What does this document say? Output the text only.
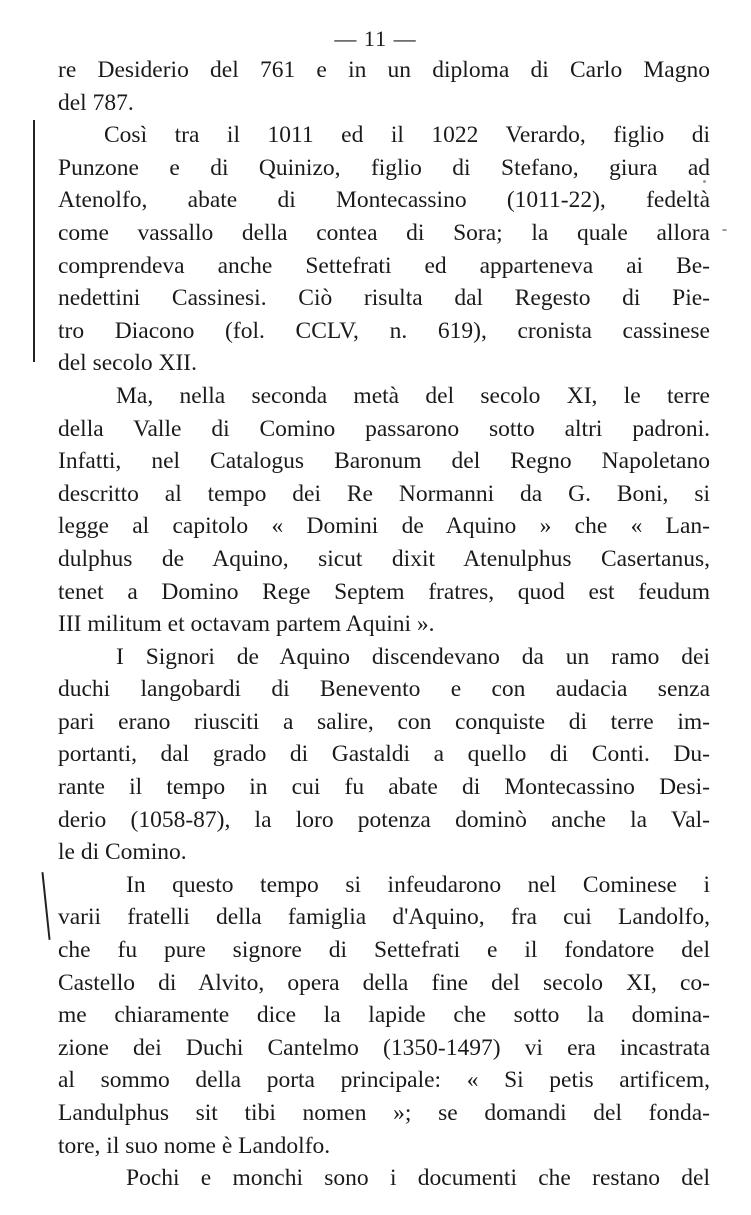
— 11 —
re Desiderio del 761 e in un diploma di Carlo Magno
del 787.
Così tra il 1011 ed il 1022 Verardo, figlio di
Punzone e di Quinizo, figlio di Stefano, giura ad
Atenolfo, abate di Montecassino (1011-22), fedeltà
come vassallo della contea di Sora; la quale allora
comprendeva anche Settefrati ed apparteneva ai Be-
nedettini Cassinesi. Ciò risulta dal Regesto di Pie-
tro Diacono (fol. CCLV, n. 619), cronista cassinese
del secolo XII.
Ma, nella seconda metà del secolo XI, le terre
della Valle di Comino passarono sotto altri padroni.
Infatti, nel Catalogus Baronum del Regno Napoletano
descritto al tempo dei Re Normanni da G. Boni, si
legge al capitolo « Domini de Aquino » che « Lan-
dulphus de Aquino, sicut dixit Atenulphus Casertanus,
tenet a Domino Rege Septem fratres, quod est feudum
III militum et octavam partem Aquini ».
I Signori de Aquino discendevano da un ramo dei
duchi langobardi di Benevento e con audacia senza
pari erano riusciti a salire, con conquiste di terre im-
portanti, dal grado di Gastaldi a quello di Conti. Du-
rante il tempo in cui fu abate di Montecassino Desi-
derio (1058-87), la loro potenza dominò anche la Val-
le di Comino.
In questo tempo si infeudarono nel Cominese i
varii fratelli della famiglia d'Aquino, fra cui Landolfo,
che fu pure signore di Settefrati e il fondatore del
Castello di Alvito, opera della fine del secolo XI, co-
me chiaramente dice la lapide che sotto la domina-
zione dei Duchi Cantelmo (1350-1497) vi era incastrata
al sommo della porta principale: « Si petis artificem,
Landulphus sit tibi nomen »; se domandi del fonda-
tore, il suo nome è Landolfo.
Pochi e monchi sono i documenti che restano del
